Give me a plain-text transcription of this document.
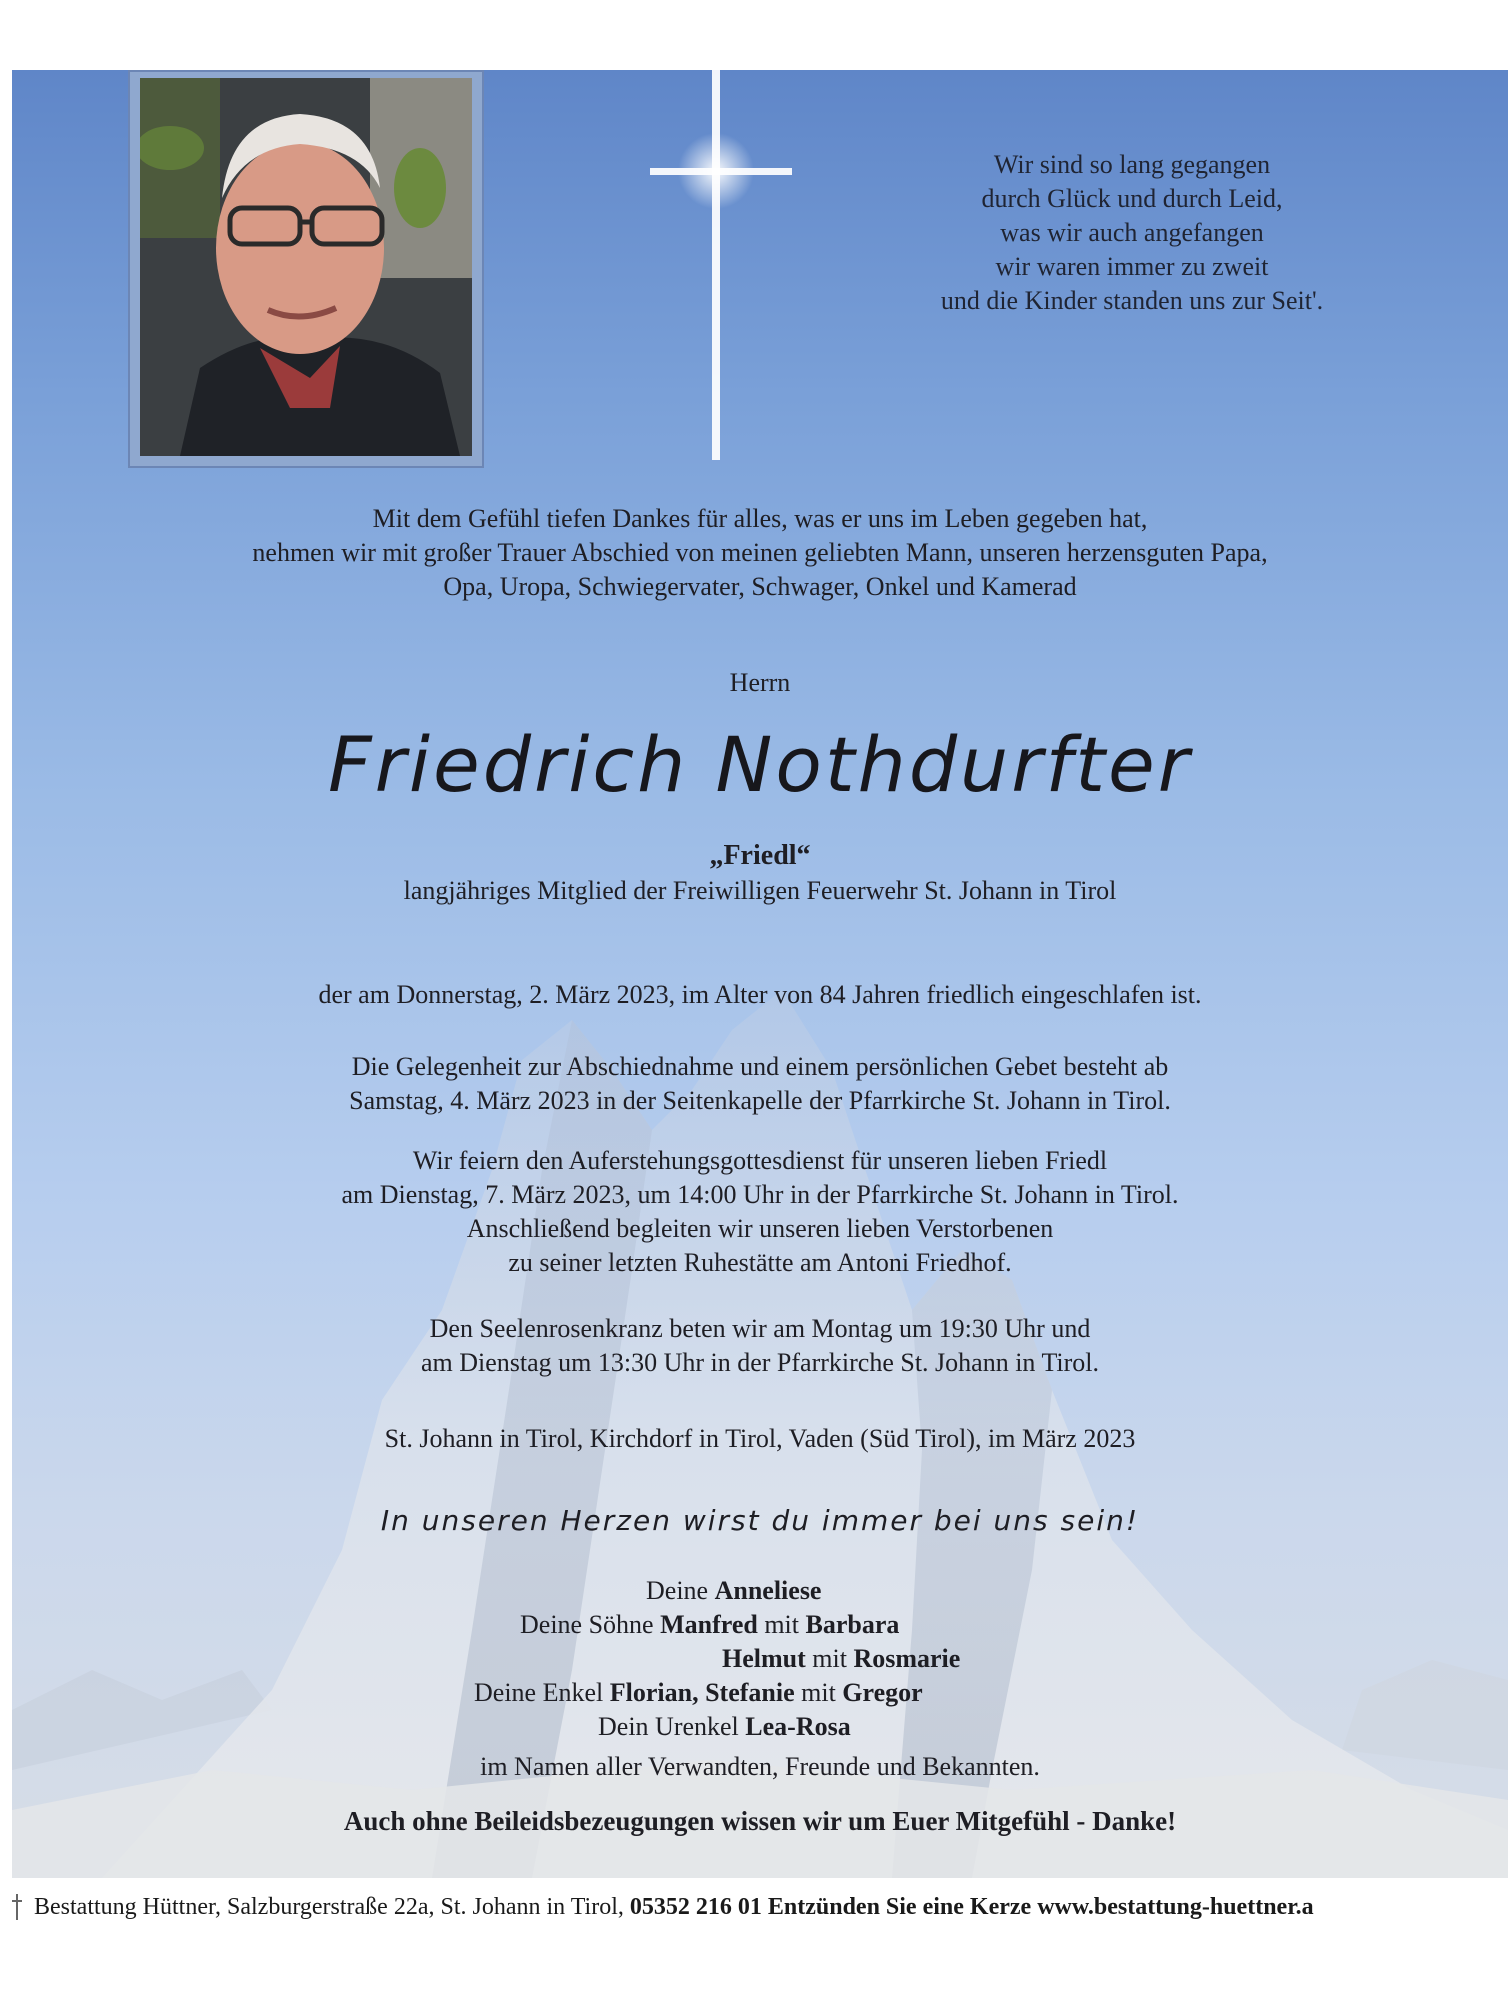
Wir sind so lang gegangen
durch Glück und durch Leid,
was wir auch angefangen
wir waren immer zu zweit
und die Kinder standen uns zur Seit'.
Mit dem Gefühl tiefen Dankes für alles, was er uns im Leben gegeben hat,
nehmen wir mit großer Trauer Abschied von meinen geliebten Mann, unseren herzensguten Papa,
Opa, Uropa, Schwiegervater, Schwager, Onkel und Kamerad
Herrn
Friedrich Nothdurfter
„Friedl“
langjähriges Mitglied der Freiwilligen Feuerwehr St. Johann in Tirol
der am Donnerstag, 2. März 2023, im Alter von 84 Jahren friedlich eingeschlafen ist.
Die Gelegenheit zur Abschiednahme und einem persönlichen Gebet besteht ab
Samstag, 4. März 2023 in der Seitenkapelle der Pfarrkirche St. Johann in Tirol.
Wir feiern den Auferstehungsgottesdienst für unseren lieben Friedl
am Dienstag, 7. März 2023, um 14:00 Uhr in der Pfarrkirche St. Johann in Tirol.
Anschließend begleiten wir unseren lieben Verstorbenen
zu seiner letzten Ruhestätte am Antoni Friedhof.
Den Seelenrosenkranz beten wir am Montag um 19:30 Uhr und
am Dienstag um 13:30 Uhr in der Pfarrkirche St. Johann in Tirol.
St. Johann in Tirol, Kirchdorf in Tirol, Vaden (Süd Tirol), im März 2023
In unseren Herzen wirst du immer bei uns sein!
Deine Anneliese
Deine Söhne Manfred mit Barbara
Helmut mit Rosmarie
Deine Enkel Florian, Stefanie mit Gregor
Dein Urenkel Lea-Rosa
im Namen aller Verwandten, Freunde und Bekannten.
Auch ohne Beileidsbezeugungen wissen wir um Euer Mitgefühl - Danke!
Bestattung Hüttner, Salzburgerstraße 22a, St. Johann in Tirol, 05352 216 01 Entzünden Sie eine Kerze www.bestattung-huettner.a
